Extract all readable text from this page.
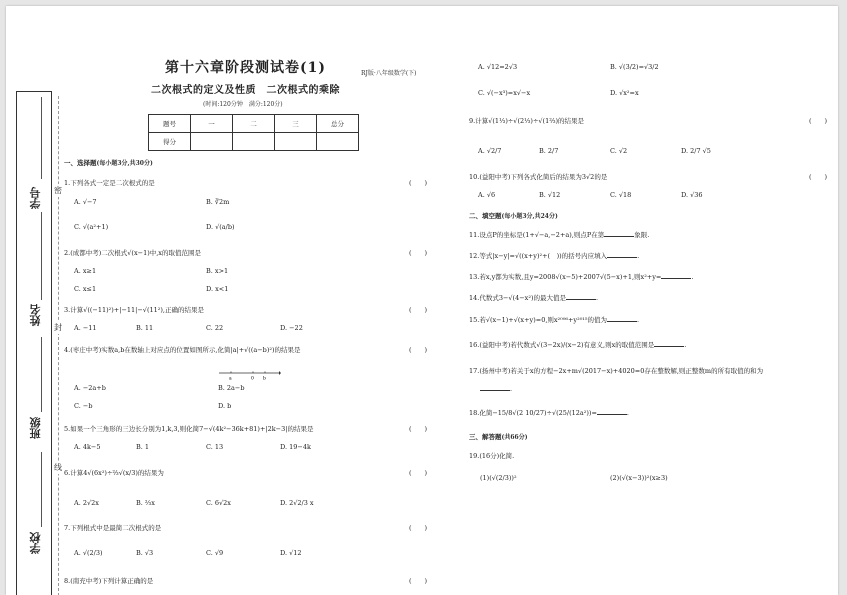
学号
姓名
班级
学校
密
封
线
第十六章阶段测试卷(1)	RJ版·八年级数学(下)
二次根式的定义及性质　二次根式的乘除
(时间:120分钟　满分:120分)
题号	一	二	三	总分
得分				
一、选择题(每小题3分,共30分)
1.下列各式一定是二次根式的是	(　　)
A. √−7	B. ∛2m
C. √(a²+1)	D. √(a/b)
2.(成都中考)二次根式√(x−1)中,x的取值范围是	(　　)
A. x≥1	B. x>1
C. x≤1	D. x<1
3.计算√((−11)²)+|−11|−√(11²),正确的结果是	(　　)
A. −11	B. 11	C. 22	D. −22
4.(枣庄中考)实数a,b在数轴上对应点的位置如图所示,化简|a|+√((a−b)²)的结果是	(　　)
a	0 b
A. −2a+b	B. 2a−b
C. −b	D. b
5.如果一个三角形的三边长分别为1,k,3,则化简7−√(4k²−36k+81)+|2k−3|的结果是	(　　)
A. 4k−5	B. 1	C. 13	D. 19−4k
6.计算4√(6x²)÷⅔√(x/3)的结果为	(　　)
A. 2√2x	B. ⅔x	C. 6√2x	D. 2√2/3 x
7.下列根式中是最简二次根式的是	(　　)
A. √(2/3)	B. √3	C. √9	D. √12
8.(南充中考)下列计算正确的是	(　　)
A. √12=2√3	B. √(3/2)=√3/2
C. √(−x³)=x√−x	D. √x²=x
9.计算√(1⅓)÷√(2⅓)÷√(1⅔)的结果是	(　　)
A. √2/7	B. 2/7	C. √2	D. 2/7 √5
10.(益阳中考)下列各式化简后的结果为3√2的是	(　　)
A. √6	B. √12	C. √18	D. √36
二、填空题(每小题3分,共24分)
11.设点P的坐标是(1+√−a,−2+a),则点P在第	象限.
12.等式|x−y|=√((x+y)²+(　))的括号内应填入	.
13.若x,y都为实数,且y=2008√(x−5)+2007√(5−x)+1,则x²+y=	.
14.代数式3−√(4−x²)的最大值是	.
15.若√(x−1)+√(x+y)=0,则x²⁰⁰⁶+y²⁰¹⁵的值为	.
16.(益阳中考)若代数式√(3−2x)/(x−2)有意义,则x的取值范围是	.
17.(扬州中考)若关于x的方程−2x+m√(2017−x)+4020=0存在整数解,则正整数m的所有取值的和为
.
18.化简−15/8√(2 10/27)÷√(25/(12a²))=	.
三、解答题(共66分)
19.(16分)化简.
(1)(√(2/3))²	(2)(√(x−3))²(x≥3)
